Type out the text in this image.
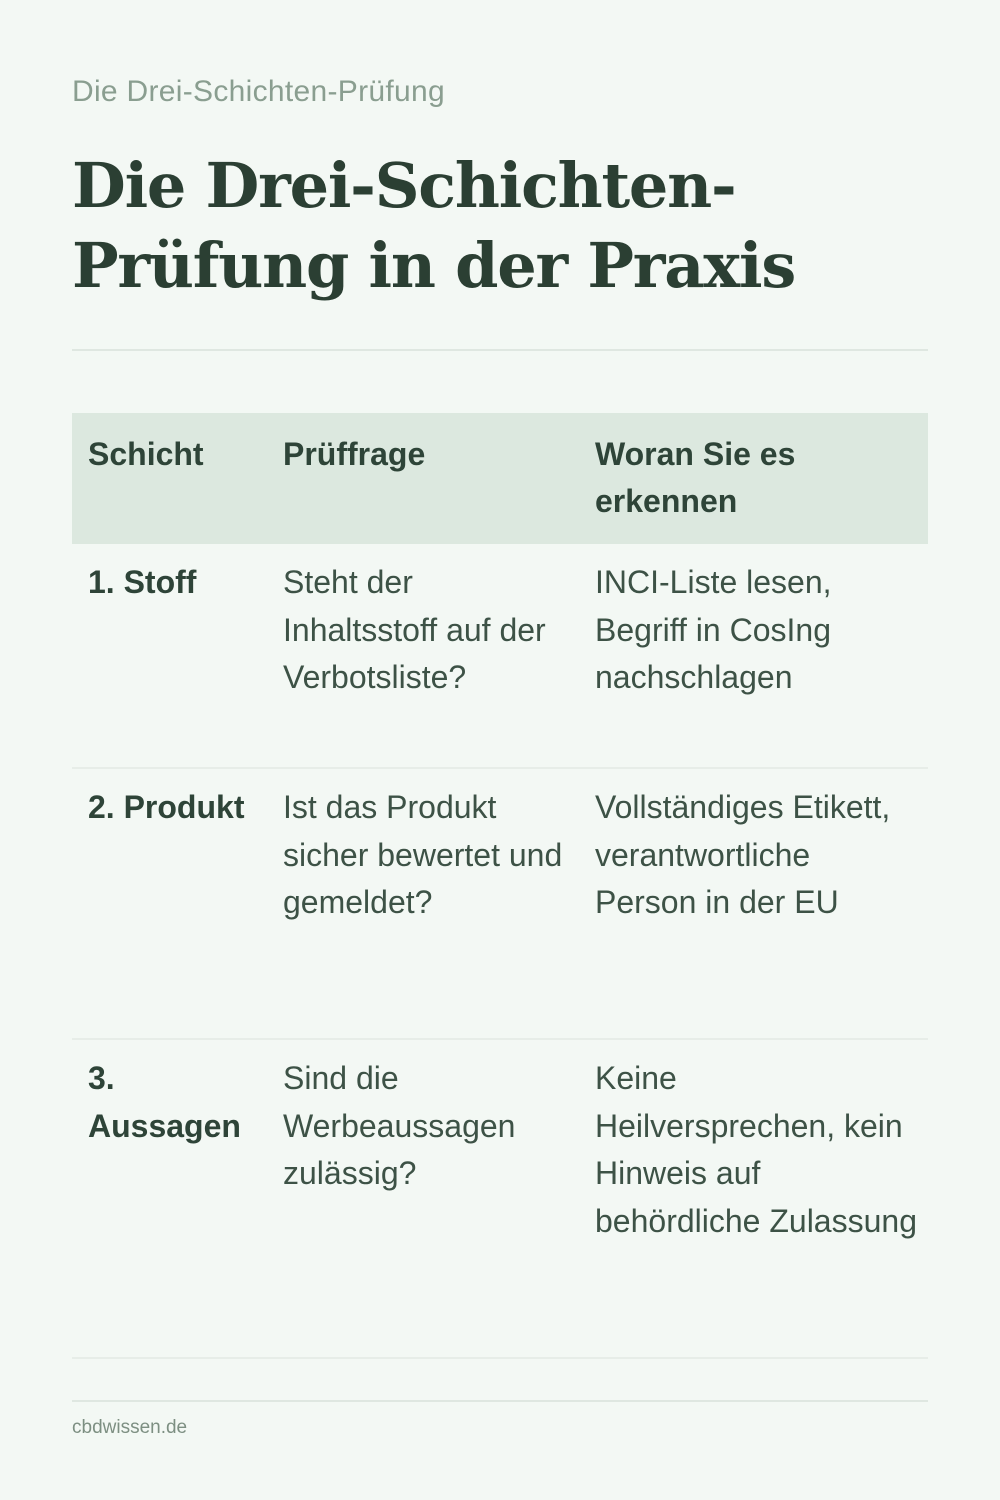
Die Drei-Schichten-Prüfung
Die Drei-Schichten-Prüfung in der Praxis
Schicht	Prüffrage	Woran Sie es erkennen
1. Stoff	Steht der Inhaltsstoff auf der Verbotsliste?	INCI-Liste lesen, Begriff in CosIng nachschlagen
2. Produkt	Ist das Produkt sicher bewertet und gemeldet?	Vollständiges Etikett, verantwortliche Person in der EU
3. Aussagen	Sind die Werbeaussagen zulässig?	Keine Heilversprechen, kein Hinweis auf behördliche Zulassung
cbdwissen.de
